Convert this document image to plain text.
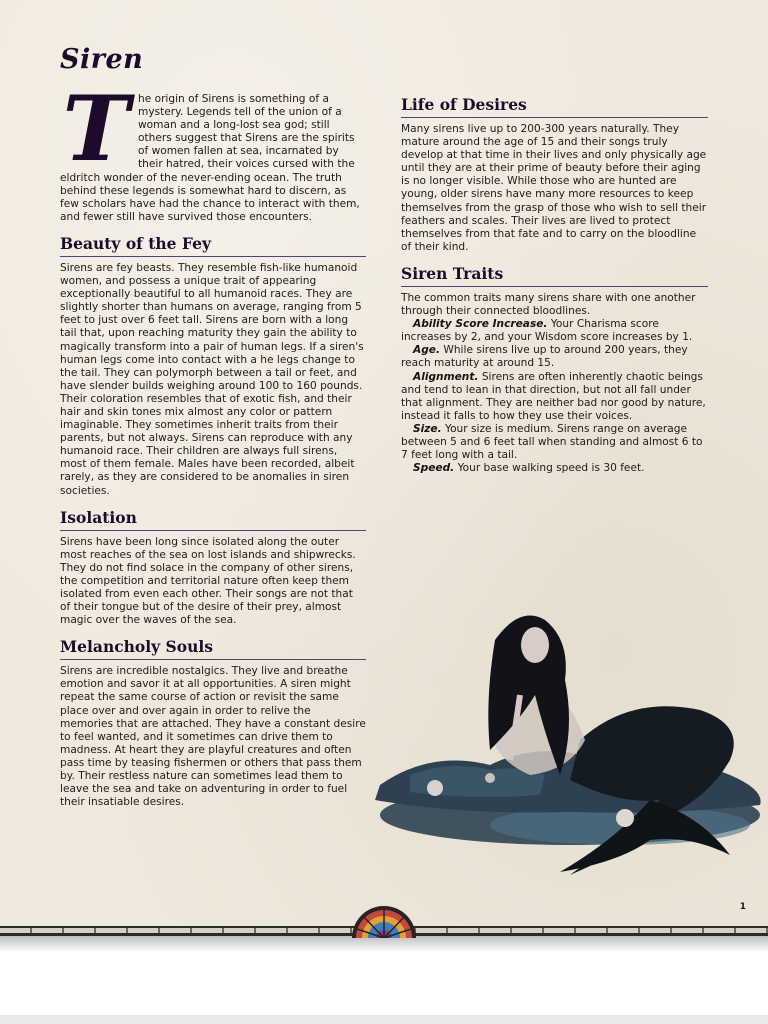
Siren

The origin of Sirens is something of a mystery. Legends tell of the union of a woman and a long-lost sea god; still others suggest that Sirens are the spirits of women fallen at sea, incarnated by their hatred, their voices cursed with the eldritch wonder of the never-ending ocean. The truth behind these legends is somewhat hard to discern, as few scholars have had the chance to interact with them, and fewer still have survived those encounters.

Beauty of the Fey

Sirens are fey beasts. They resemble fish-like humanoid women, and possess a unique trait of appearing exceptionally beautiful to all humanoid races. They are slightly shorter than humans on average, ranging from 5 feet to just over 6 feet tall. Sirens are born with a long tail that, upon reaching maturity they gain the ability to magically transform into a pair of human legs. If a siren's human legs come into contact with a he legs change to the tail. They can polymorph between a tail or feet, and have slender builds weighing around 100 to 160 pounds. Their coloration resembles that of exotic fish, and their hair and skin tones mix almost any color or pattern imaginable. They sometimes inherit traits from their parents, but not always. Sirens can reproduce with any humanoid race. Their children are always full sirens, most of them female. Males have been recorded, albeit rarely, as they are considered to be anomalies in siren societies.

Isolation

Sirens have been long since isolated along the outer most reaches of the sea on lost islands and shipwrecks. They do not find solace in the company of other sirens, the competition and territorial nature often keep them isolated from even each other. Their songs are not that of their tongue but of the desire of their prey, almost magic over the waves of the sea.

Melancholy Souls

Sirens are incredible nostalgics. They live and breathe emotion and savor it at all opportunities. A siren might repeat the same course of action or revisit the same place over and over again in order to relive the memories that are attached. They have a constant desire to feel wanted, and it sometimes can drive them to madness. At heart they are playful creatures and often pass time by teasing fishermen or others that pass them by. Their restless nature can sometimes lead them to leave the sea and take on adventuring in order to fuel their insatiable desires.

Life of Desires

Many sirens live up to 200-300 years naturally. They mature around the age of 15 and their songs truly develop at that time in their lives and only physically age until they are at their prime of beauty before their aging is no longer visible. While those who are hunted are young, older sirens have many more resources to keep themselves from the grasp of those who wish to sell their feathers and scales. Their lives are lived to protect themselves from that fate and to carry on the bloodline of their kind.

Siren Traits

The common traits many sirens share with one another through their connected bloodlines.

Ability Score Increase. Your Charisma score increases by 2, and your Wisdom score increases by 1.

Age. While sirens live up to around 200 years, they reach maturity at around 15.

Alignment. Sirens are often inherently chaotic beings and tend to lean in that direction, but not all fall under that alignment. They are neither bad nor good by nature, instead it falls to how they use their voices.

Size. Your size is medium. Sirens range on average between 5 and 6 feet tall when standing and almost 6 to 7 feet long with a tail.

Speed. Your base walking speed is 30 feet.

1
